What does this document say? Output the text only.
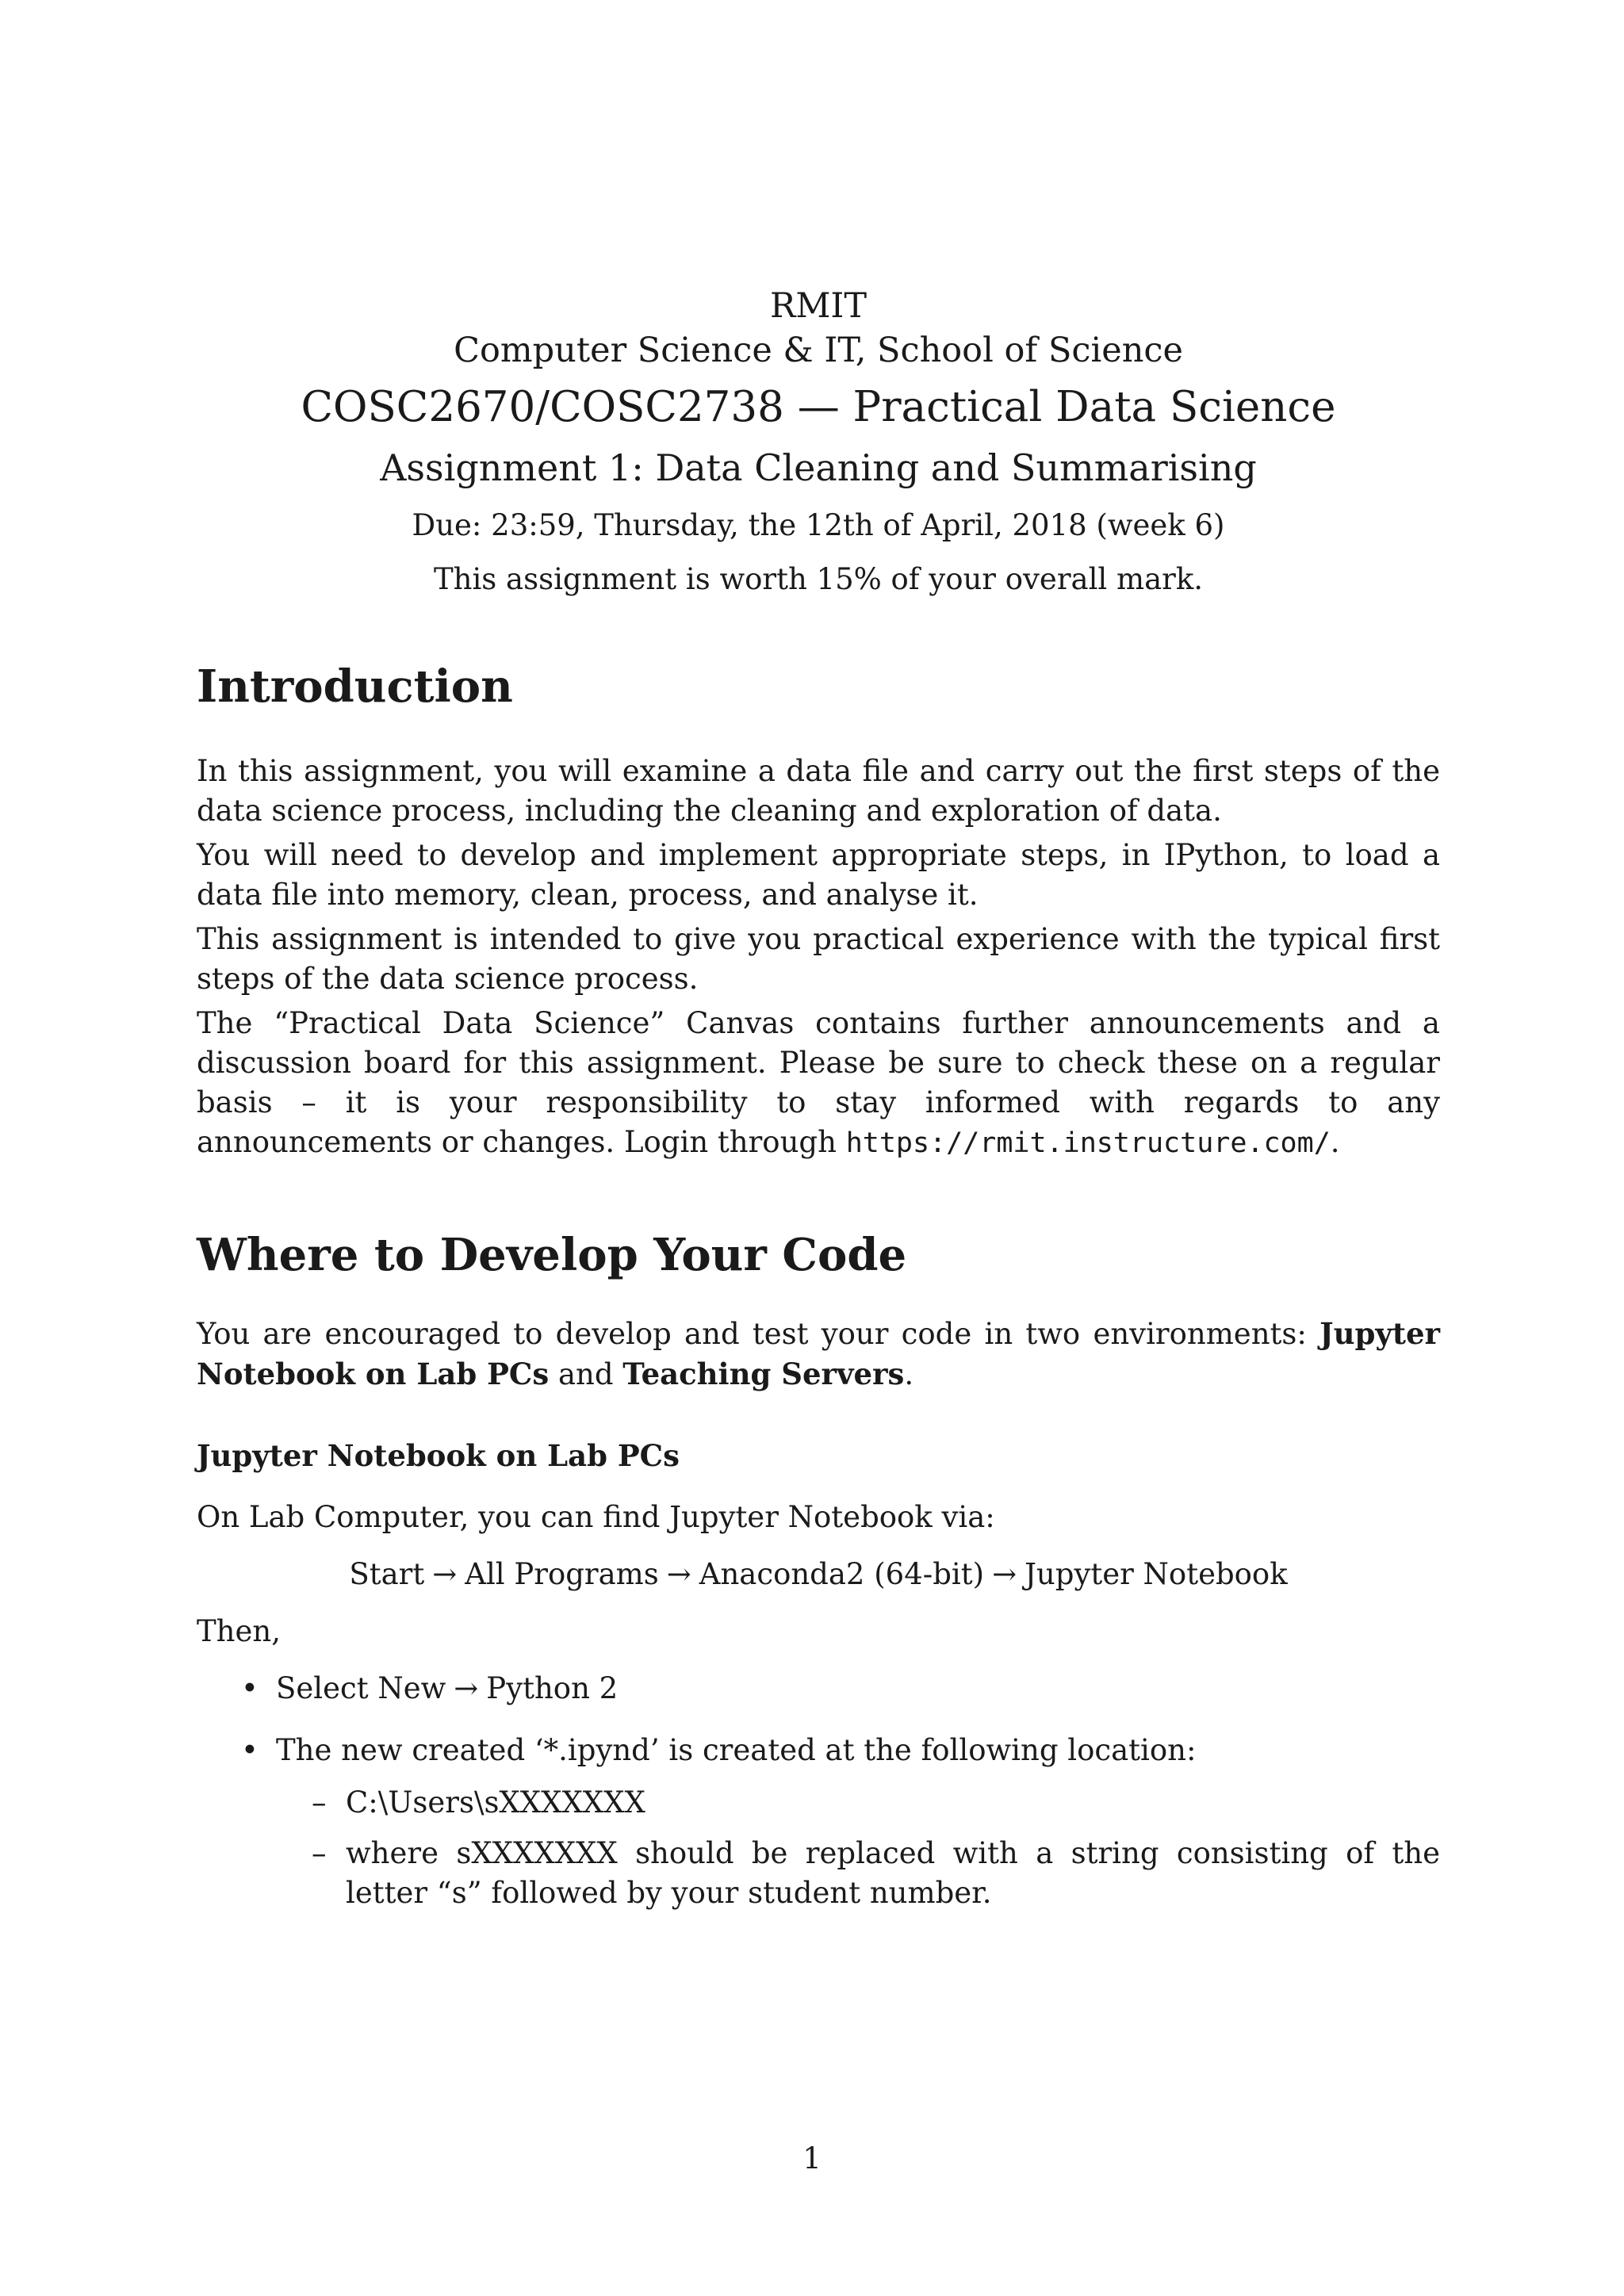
RMIT
Computer Science & IT, School of Science
COSC2670/COSC2738 — Practical Data Science
Assignment 1: Data Cleaning and Summarising
Due: 23:59, Thursday, the 12th of April, 2018 (week 6)
This assignment is worth 15% of your overall mark.
Introduction

In this assignment, you will examine a data file and carry out the first steps of the data science process, including the cleaning and exploration of data.

You will need to develop and implement appropriate steps, in IPython, to load a data file into memory, clean, process, and analyse it.

This assignment is intended to give you practical experience with the typical first steps of the data science process.

The “Practical Data Science” Canvas contains further announcements and a discussion board for this assignment. Please be sure to check these on a regular basis – it is your responsibility to stay informed with regards to any announcements or changes. Login through https://rmit.instructure.com/.

Where to Develop Your Code

You are encouraged to develop and test your code in two environments: Jupyter Notebook on Lab PCs and Teaching Servers.

Jupyter Notebook on Lab PCs

On Lab Computer, you can find Jupyter Notebook via:

Start → All Programs → Anaconda2 (64-bit) → Jupyter Notebook

Then,

• Select New → Python 2
• The new created ‘*.ipynd’ is created at the following location:
– C:\Users\sXXXXXXX
– where sXXXXXXX should be replaced with a string consisting of the letter “s” followed by your student number.
1
